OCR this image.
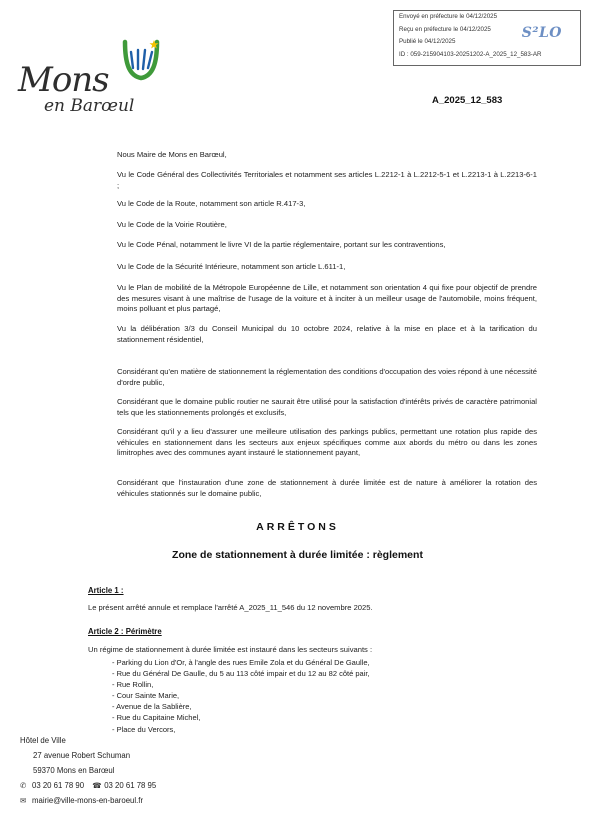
Envoyé en préfecture le 04/12/2025
Reçu en préfecture le 04/12/2025
Publié le 04/12/2025
ID : 059-215904103-20251202-A_2025_12_583-AR
S²LO
Mons
en Barœul	A_2025_12_583
Nous Maire de Mons en Barœul,
Vu le Code Général des Collectivités Territoriales et notamment ses articles L.2212-1 à L.2212-5-1 et L.2213-1 à L.2213-6-1 ;
Vu le Code de la Route, notamment son article R.417-3,
Vu le Code de la Voirie Routière,
Vu le Code Pénal, notamment le livre VI de la partie réglementaire, portant sur les contraventions,
Vu le Code de la Sécurité Intérieure, notamment son article L.611-1,
Vu le Plan de mobilité de la Métropole Européenne de Lille, et notamment son orientation 4 qui fixe pour objectif de prendre des mesures visant à une maîtrise de l'usage de la voiture et à inciter à un meilleur usage de l'automobile, moins fréquent, moins polluant et plus partagé,
Vu la délibération 3/3 du Conseil Municipal du 10 octobre 2024, relative à la mise en place et à la tarification du stationnement résidentiel,
Considérant qu'en matière de stationnement la réglementation des conditions d'occupation des voies répond à une nécessité d'ordre public,
Considérant que le domaine public routier ne saurait être utilisé pour la satisfaction d'intérêts privés de caractère patrimonial tels que les stationnements prolongés et exclusifs,
Considérant qu'il y a lieu d'assurer une meilleure utilisation des parkings publics, permettant une rotation plus rapide des véhicules en stationnement dans les secteurs aux enjeux spécifiques comme aux abords du métro ou dans les zones limitrophes avec des communes ayant instauré le stationnement payant,
Considérant que l'instauration d'une zone de stationnement à durée limitée est de nature à améliorer la rotation des véhicules stationnés sur le domaine public,
ARRÊTONS
Zone de stationnement à durée limitée : règlement
Article 1 :
Le présent arrêté annule et remplace l'arrêté A_2025_11_546 du 12 novembre 2025.
Article 2 : Périmètre
Un régime de stationnement à durée limitée est instauré dans les secteurs suivants :
- Parking du Lion d'Or, à l'angle des rues Emile Zola et du Général De Gaulle,
- Rue du Général De Gaulle, du 5 au 113 côté impair et du 12 au 82 côté pair,
- Rue Rollin,
- Cour Sainte Marie,
- Avenue de la Sablière,
- Rue du Capitaine Michel,
- Place du Vercors,
Hôtel de Ville
27 avenue Robert Schuman
59370 Mons en Barœul
✆ 03 20 61 78 90 ☎ 03 20 61 78 95
✉ mairie@ville-mons-en-baroeul.fr
